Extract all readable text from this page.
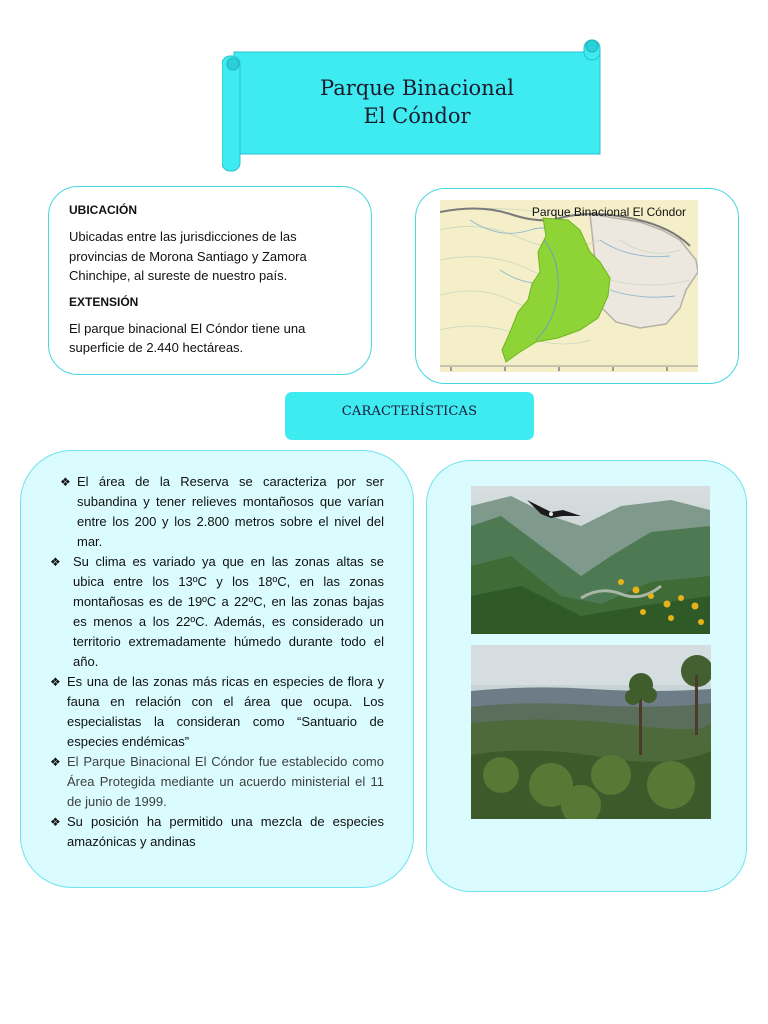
Parque Binacional
El Cóndor
UBICACIÓN

Ubicadas entre las jurisdicciones de las provincias de Morona Santiago y Zamora Chinchipe, al sureste de nuestro país.

EXTENSIÓN

El parque binacional El Cóndor tiene una superficie de 2.440 hectáreas.

Parque Binacional El Cóndor
CARACTERÍSTICAS
❖ El área de la Reserva se caracteriza por ser subandina y tener relieves montañosos que varían entre los 200 y los 2.800 metros sobre el nivel del mar.
❖ Su clima es variado ya que en las zonas altas se ubica entre los 13ºC y los 18ºC, en las zonas montañosas es de 19ºC a 22ºC, en las zonas bajas es menos a los 22ºC. Además, es considerado un territorio extremadamente húmedo durante todo el año.
❖ Es una de las zonas más ricas en especies de flora y fauna en relación con el área que ocupa. Los especialistas la consideran como “Santuario de especies endémicas”
❖ El Parque Binacional El Cóndor fue establecido como Área Protegida mediante un acuerdo ministerial el 11 de junio de 1999.
❖ Su posición ha permitido una mezcla de especies amazónicas y andinas
